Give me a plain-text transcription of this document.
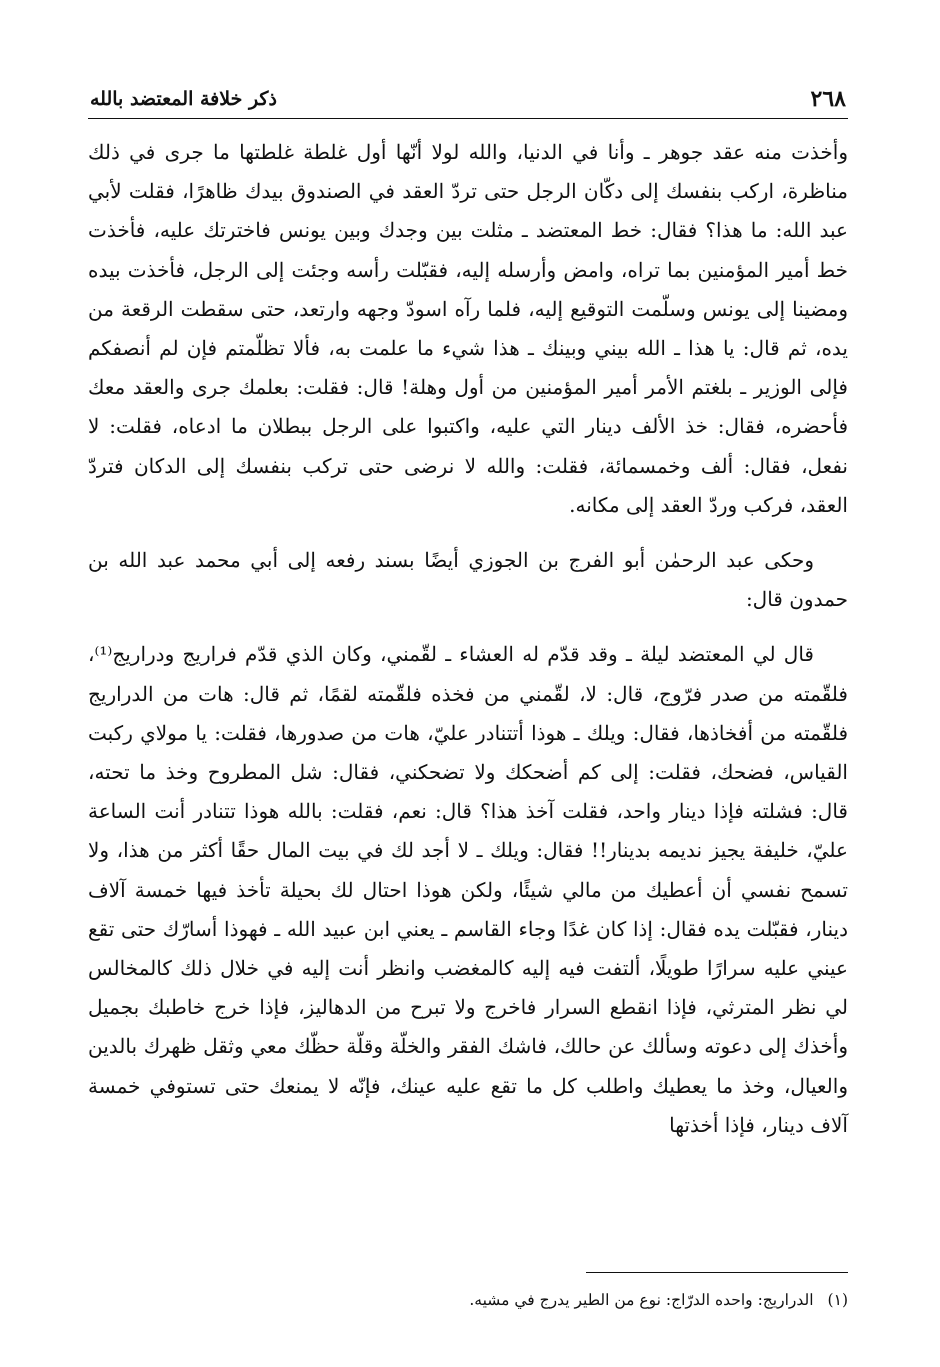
٢٦٨
ذكر خلافة المعتضد بالله

وأخذت منه عقد جوهر ـ وأنا في الدنيا، والله لولا أنّها أول غلطة غلطتها ما جرى في ذلك مناظرة، اركب بنفسك إلى دكّان الرجل حتى تردّ العقد في الصندوق بيدك ظاهرًا، فقلت لأبي عبد الله: ما هذا؟ فقال: خط المعتضد ـ مثلت بين وجدك وبين يونس فاخترتك عليه، فأخذت خط أمير المؤمنين بما تراه، وامض وأرسله إليه، فقبّلت رأسه وجئت إلى الرجل، فأخذت بيده ومضينا إلى يونس وسلّمت التوقيع إليه، فلما رآه اسودّ وجهه وارتعد، حتى سقطت الرقعة من يده، ثم قال: يا هذا ـ الله بيني وبينك ـ هذا شيء ما علمت به، فألا تظلّمتم فإن لم أنصفكم فإلى الوزير ـ بلغتم الأمر أمير المؤمنين من أول وهلة! قال: فقلت: بعلمك جرى والعقد معك فأحضره، فقال: خذ الألف دينار التي عليه، واكتبوا على الرجل ببطلان ما ادعاه، فقلت: لا نفعل، فقال: ألف وخمسمائة، فقلت: والله لا نرضى حتى تركب بنفسك إلى الدكان فتردّ العقد، فركب وردّ العقد إلى مكانه.

وحكى عبد الرحمٰن أبو الفرج بن الجوزي أيضًا بسند رفعه إلى أبي محمد عبد الله بن حمدون قال:

قال لي المعتضد ليلة ـ وقد قدّم له العشاء ـ لقّمني، وكان الذي قدّم فراريج ودراريج⁽¹⁾، فلقّمته من صدر فرّوج، قال: لا، لقّمني من فخذه فلقّمته لقمًا، ثم قال: هات من الدراريج فلقّمته من أفخاذها، فقال: ويلك ـ هوذا أتتنادر عليّ، هات من صدورها، فقلت: يا مولاي ركبت القياس، فضحك، فقلت: إلى كم أضحكك ولا تضحكني، فقال: شل المطروح وخذ ما تحته، قال: فشلته فإذا دينار واحد، فقلت آخذ هذا؟ قال: نعم، فقلت: بالله هوذا تتنادر أنت الساعة عليّ، خليفة يجيز نديمه بدينار!! فقال: ويلك ـ لا أجد لك في بيت المال حقًا أكثر من هذا، ولا تسمح نفسي أن أعطيك من مالي شيئًا، ولكن هوذا احتال لك بحيلة تأخذ فيها خمسة آلاف دينار، فقبّلت يده فقال: إذا كان غدًا وجاء القاسم ـ يعني ابن عبيد الله ـ فهوذا أسارّك حتى تقع عيني عليه سرارًا طويلًا، ألتفت فيه إليه كالمغضب وانظر أنت إليه في خلال ذلك كالمخالس لي نظر المترثي، فإذا انقطع السرار فاخرج ولا تبرح من الدهاليز، فإذا خرج خاطبك بجميل وأخذك إلى دعوته وسألك عن حالك، فاشك الفقر والخلّة وقلّة حظّك معي وثقل ظهرك بالدين والعيال، وخذ ما يعطيك واطلب كل ما تقع عليه عينك، فإنّه لا يمنعك حتى تستوفي خمسة آلاف دينار، فإذا أخذتها

(١)الدراريج: واحده الدرّاج: نوع من الطير يدرج في مشيه.
